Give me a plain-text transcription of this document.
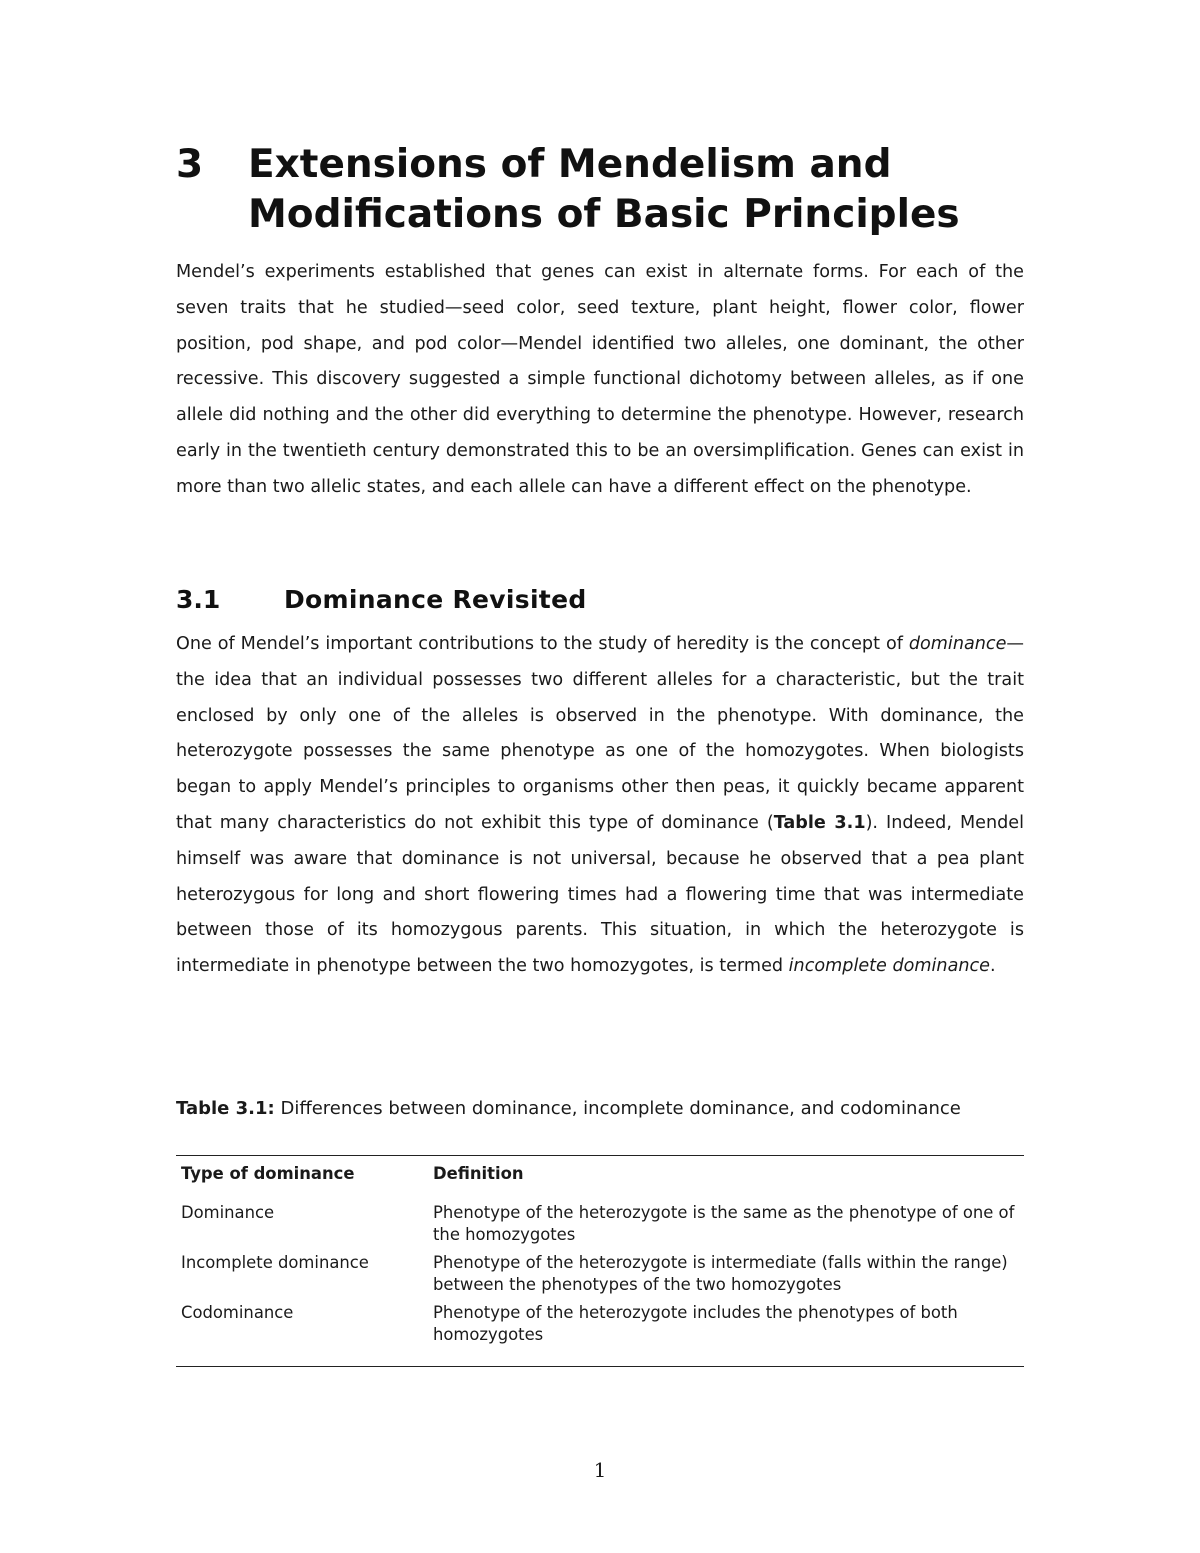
3 Extensions of Mendelism and Modifications of Basic Principles

Mendel’s experiments established that genes can exist in alternate forms. For each of the seven traits that he studied—seed color, seed texture, plant height, flower color, flower position, pod shape, and pod color—Mendel identified two alleles, one dominant, the other recessive. This discovery suggested a simple functional dichotomy between alleles, as if one allele did nothing and the other did everything to determine the phenotype. However, research early in the twentieth century demonstrated this to be an oversimplification. Genes can exist in more than two allelic states, and each allele can have a different effect on the phenotype.

3.1	Dominance Revisited

One of Mendel’s important contributions to the study of heredity is the concept of dominance—the idea that an individual possesses two different alleles for a characteristic, but the trait enclosed by only one of the alleles is observed in the phenotype. With dominance, the heterozygote possesses the same phenotype as one of the homozygotes. When biologists began to apply Mendel’s principles to organisms other then peas, it quickly became apparent that many characteristics do not exhibit this type of dominance (Table 3.1). Indeed, Mendel himself was aware that dominance is not universal, because he observed that a pea plant heterozygous for long and short flowering times had a flowering time that was intermediate between those of its homozygous parents. This situation, in which the heterozygote is intermediate in phenotype between the two homozygotes, is termed incomplete dominance.

Table 3.1: Differences between dominance, incomplete dominance, and codominance
Type of dominance	Definition
Dominance	Phenotype of the heterozygote is the same as the phenotype of one of the homozygotes
Incomplete dominance	Phenotype of the heterozygote is intermediate (falls within the range) between the phenotypes of the two homozygotes
Codominance	Phenotype of the heterozygote includes the phenotypes of both homozygotes
1
